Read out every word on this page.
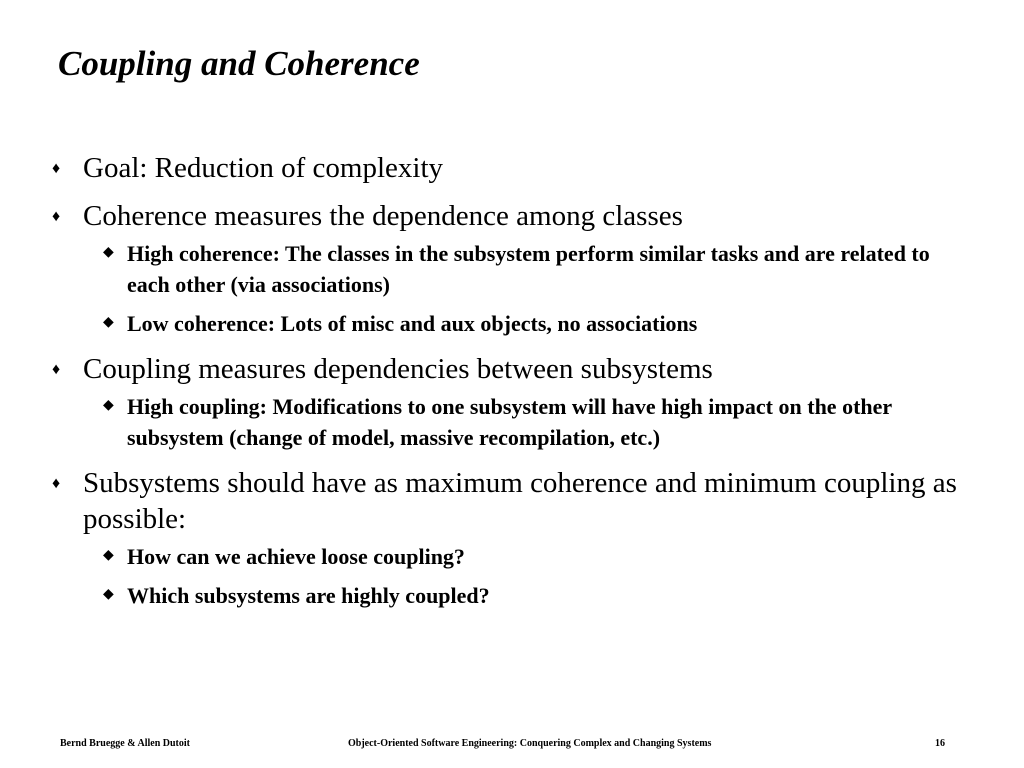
Coupling and Coherence
♦ Goal: Reduction of complexity
♦ Coherence measures the dependence among classes
◆ High coherence: The classes in the subsystem perform similar tasks and are related to each other (via associations)
◆ Low coherence: Lots of misc and aux objects, no associations
♦ Coupling measures dependencies between subsystems
◆ High coupling: Modifications to one subsystem will have high impact on the other subsystem (change of model, massive recompilation, etc.)
♦ Subsystems should have as maximum coherence and minimum coupling as possible:
◆ How can we achieve loose coupling?
◆ Which subsystems are highly coupled?
Bernd Bruegge & Allen Dutoit	Object-Oriented Software Engineering: Conquering Complex and Changing Systems	16
